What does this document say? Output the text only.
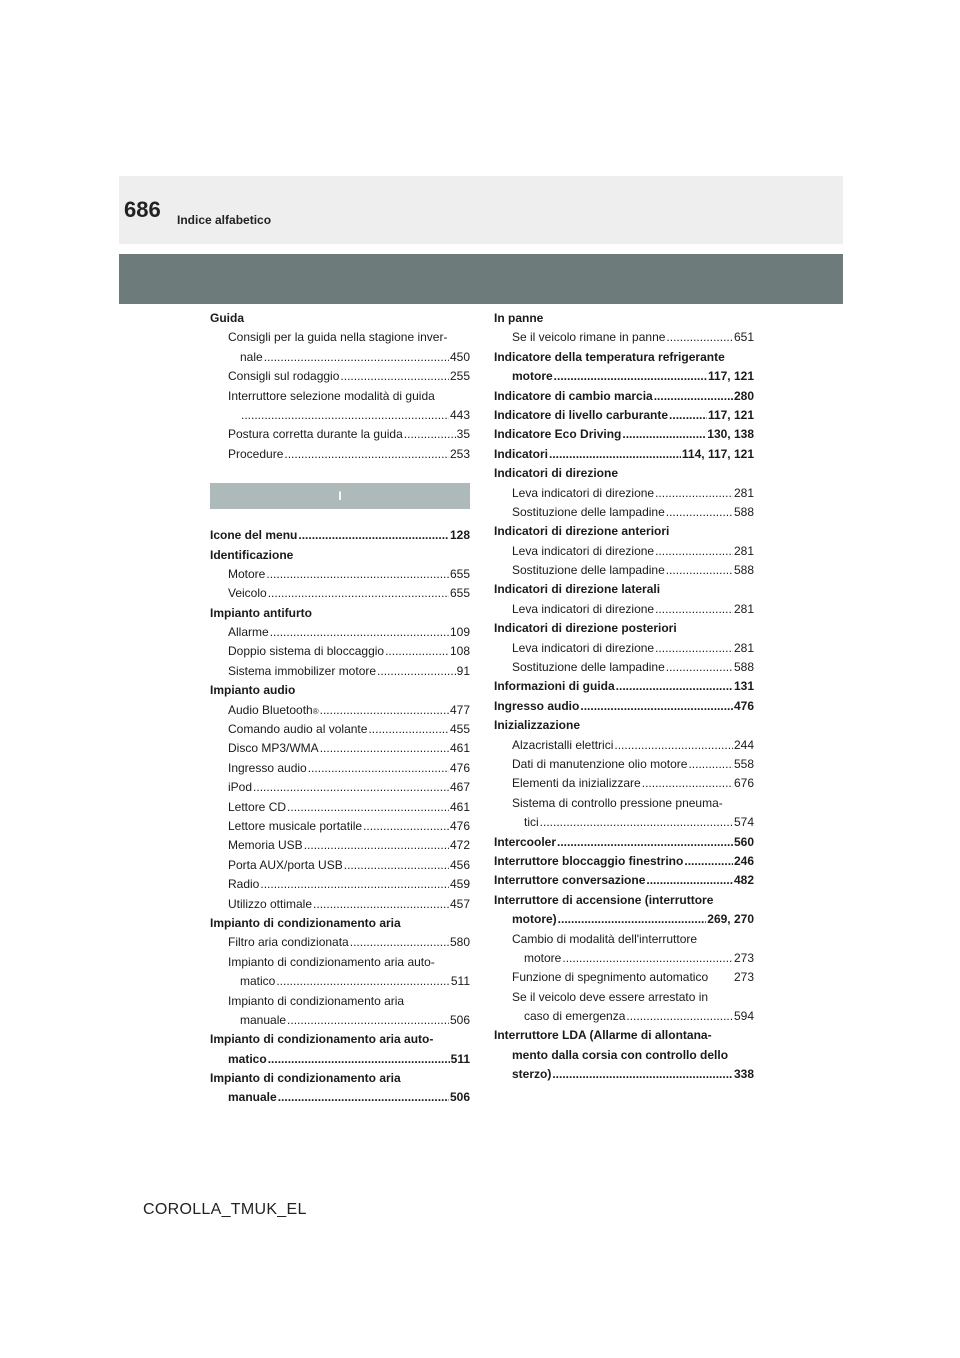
686 Indice alfabetico
Guida
Consigli per la guida nella stagione inver-
nale .....	450
Consigli sul rodaggio .....	255
Interruttore selezione modalità di guida
.....
443
Postura corretta durante la guida .....	35
Procedure .....	253
I
Icone del menu .....	128
Identificazione
Motore .....	655
Veicolo .....	655
Impianto antifurto
Allarme .....	109
Doppio sistema di bloccaggio .....	108
Sistema immobilizer motore .....	91
Impianto audio
Audio Bluetooth ® .....	477
Comando audio al volante .....	455
Disco MP3/WMA .....	461
Ingresso audio .....	476
iPod .....	467
Lettore CD .....	461
Lettore musicale portatile .....	476
Memoria USB .....	472
Porta AUX/porta USB .....	456
Radio .....	459
Utilizzo ottimale .....	457
Impianto di condizionamento aria
Filtro aria condizionata .....	580
Impianto di condizionamento aria auto-
matico .....	511
Impianto di condizionamento aria
manuale .....	506
Impianto di condizionamento aria auto-
matico .....	511
Impianto di condizionamento aria
manuale .....	506
In panne
Se il veicolo rimane in panne .....	651
Indicatore della temperatura refrigerante
motore .....	117, 121
Indicatore di cambio marcia .....	280
Indicatore di livello carburante .....	117, 121
Indicatore Eco Driving .....	130, 138
Indicatori .....	114, 117, 121
Indicatori di direzione
Leva indicatori di direzione .....	281
Sostituzione delle lampadine .....	588
Indicatori di direzione anteriori
Leva indicatori di direzione .....	281
Sostituzione delle lampadine .....	588
Indicatori di direzione laterali
Leva indicatori di direzione .....	281
Indicatori di direzione posteriori
Leva indicatori di direzione .....	281
Sostituzione delle lampadine .....	588
Informazioni di guida .....	131
Ingresso audio .....	476
Inizializzazione
Alzacristalli elettrici .....	244
Dati di manutenzione olio motore .....	558
Elementi da inizializzare .....	676
Sistema di controllo pressione pneuma-
tici .....	574
Intercooler .....	560
Interruttore bloccaggio finestrino .....	246
Interruttore conversazione .....	482
Interruttore di accensione (interruttore
motore) .....	269, 270
Cambio di modalità dell'interruttore
motore .....	273
Funzione di spegnimento automatico 273
Se il veicolo deve essere arrestato in
caso di emergenza .....	594
Interruttore LDA (Allarme di allontana-
mento dalla corsia con controllo dello
sterzo) .....	338
COROLLA_TMUK_EL
